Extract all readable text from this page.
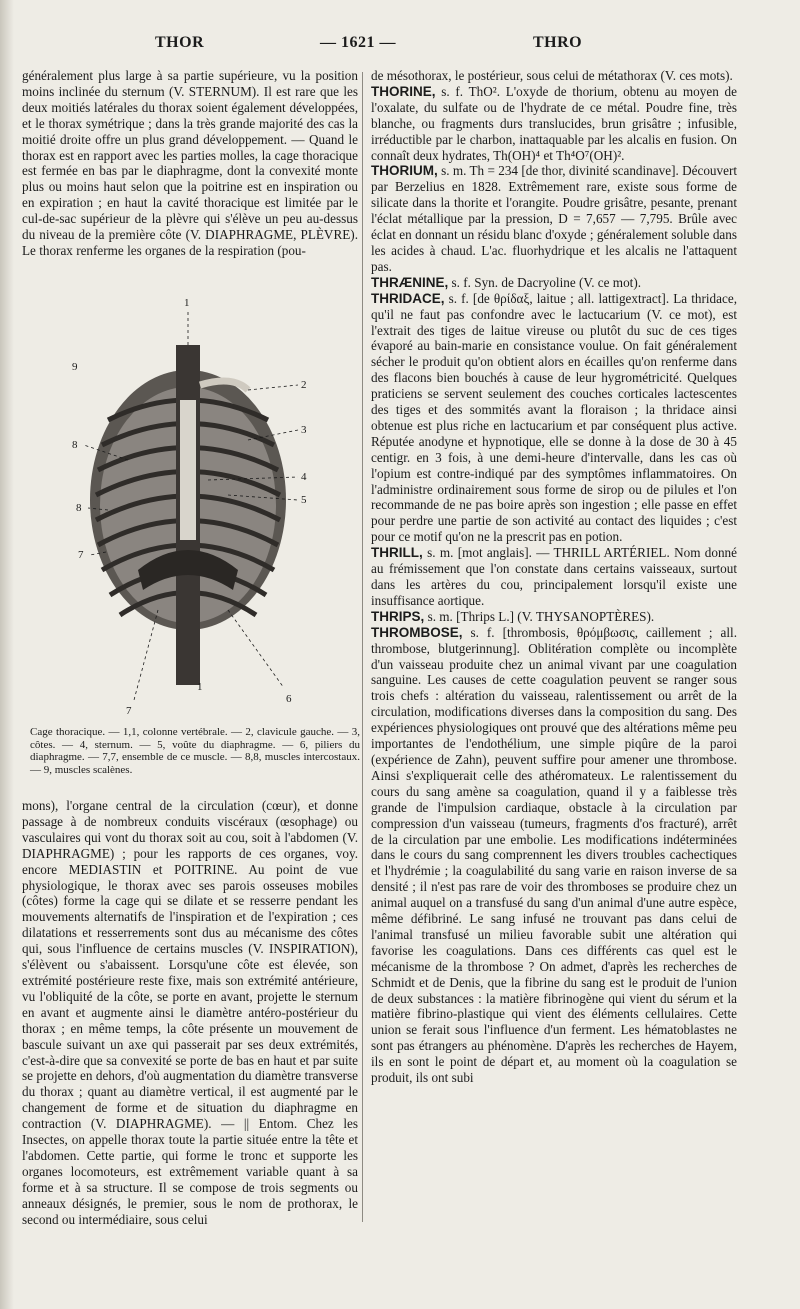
THOR	— 1621 —	THRO

généralement plus large à sa partie supérieure, vu la position moins inclinée du sternum (V. STERNUM). Il est rare que les deux moitiés latérales du thorax soient également développées, et le thorax symétrique ; dans la très grande majorité des cas la moitié droite offre un plus grand développement. — Quand le thorax est en rapport avec les parties molles, la cage thoracique est fermée en bas par le diaphragme, dont la convexité monte plus ou moins haut selon que la poitrine est en inspiration ou en expiration ; en haut la cavité thoracique est limitée par le cul-de-sac supérieur de la plèvre qui s'élève un peu au-dessus du niveau de la première côte (V. DIAPHRAGME, PLÈVRE). Le thorax renferme les organes de la respiration (pou-

1
2
3
4
5
6
7
7
8
8
9
1
Cage thoracique. — 1,1, colonne vertébrale. — 2, clavicule gauche. — 3, côtes. — 4, sternum. — 5, voûte du diaphragme. — 6, piliers du diaphragme. — 7,7, ensemble de ce muscle. — 8,8, muscles intercostaux. — 9, muscles scalènes.

mons), l'organe central de la circulation (cœur), et donne passage à de nombreux conduits viscéraux (œsophage) ou vasculaires qui vont du thorax soit au cou, soit à l'abdomen (V. DIAPHRAGME) ; pour les rapports de ces organes, voy. encore MEDIASTIN et POITRINE. Au point de vue physiologique, le thorax avec ses parois osseuses mobiles (côtes) forme la cage qui se dilate et se resserre pendant les mouvements alternatifs de l'inspiration et de l'expiration ; ces dilatations et resserrements sont dus au mécanisme des côtes qui, sous l'influence de certains muscles (V. INSPIRATION), s'élèvent ou s'abaissent. Lorsqu'une côte est élevée, son extrémité postérieure reste fixe, mais son extrémité antérieure, vu l'obliquité de la côte, se porte en avant, projette le sternum en avant et augmente ainsi le diamètre antéro-postérieur du thorax ; en même temps, la côte présente un mouvement de bascule suivant un axe qui passerait par ses deux extrémités, c'est-à-dire que sa convexité se porte de bas en haut et par suite se projette en dehors, d'où augmentation du diamètre transverse du thorax ; quant au diamètre vertical, il est augmenté par le changement de forme et de situation du diaphragme en contraction (V. DIAPHRAGME). — || Entom. Chez les Insectes, on appelle thorax toute la partie située entre la tête et l'abdomen. Cette partie, qui forme le tronc et supporte les organes locomoteurs, est extrêmement variable quant à sa forme et à sa structure. Il se compose de trois segments ou anneaux désignés, le premier, sous le nom de prothorax, le second ou intermédiaire, sous celui

de mésothorax, le postérieur, sous celui de métathorax (V. ces mots).

THORINE, s. f. ThO². L'oxyde de thorium, obtenu au moyen de l'oxalate, du sulfate ou de l'hydrate de ce métal. Poudre fine, très blanche, ou fragments durs translucides, brun grisâtre ; infusible, irréductible par le charbon, inattaquable par les alcalis en fusion. On connaît deux hydrates, Th(OH)⁴ et Th⁴O⁷(OH)².

THORIUM, s. m. Th = 234 [de thor, divinité scandinave]. Découvert par Berzelius en 1828. Extrêmement rare, existe sous forme de silicate dans la thorite et l'orangite. Poudre grisâtre, pesante, prenant l'éclat métallique par la pression, D = 7,657 — 7,795. Brûle avec éclat en donnant un résidu blanc d'oxyde ; généralement soluble dans les acides à chaud. L'ac. fluorhydrique et les alcalis ne l'attaquent pas.

THRÆNINE, s. f. Syn. de Dacryoline (V. ce mot).

THRIDACE, s. f. [de θρίδαξ, laitue ; all. lattigextract]. La thridace, qu'il ne faut pas confondre avec le lactucarium (V. ce mot), est l'extrait des tiges de laitue vireuse ou plutôt du suc de ces tiges évaporé au bain-marie en consistance voulue. On fait généralement sécher le produit qu'on obtient alors en écailles qu'on renferme dans des flacons bien bouchés à cause de leur hygrométricité. Quelques praticiens se servent seulement des couches corticales lactescentes des tiges et des sommités avant la floraison ; la thridace ainsi obtenue est plus riche en lactucarium et par conséquent plus active. Réputée anodyne et hypnotique, elle se donne à la dose de 30 à 45 centigr. en 3 fois, à une demi-heure d'intervalle, dans les cas où l'opium est contre-indiqué par des symptômes inflammatoires. On l'administre ordinairement sous forme de sirop ou de pilules et l'on recommande de ne pas boire après son ingestion ; elle passe en effet pour perdre une partie de son activité au contact des liquides ; c'est pour ce motif qu'on ne la prescrit pas en potion.

THRILL, s. m. [mot anglais]. — THRILL ARTÉRIEL. Nom donné au frémissement que l'on constate dans certains vaisseaux, surtout dans les artères du cou, principalement lorsqu'il existe une insuffisance aortique.

THRIPS, s. m. [Thrips L.] (V. THYSANOPTÈRES).

THROMBOSE, s. f. [thrombosis, θρόμβωσις, caillement ; all. thrombose, blutgerinnung]. Oblitération complète ou incomplète d'un vaisseau produite chez un animal vivant par une coagulation sanguine. Les causes de cette coagulation peuvent se ranger sous trois chefs : altération du vaisseau, ralentissement ou arrêt de la circulation, modifications diverses dans la composition du sang. Des expériences physiologiques ont prouvé que des altérations même peu importantes de l'endothélium, une simple piqûre de la paroi (expérience de Zahn), peuvent suffire pour amener une thrombose. Ainsi s'expliquerait celle des athéromateux. Le ralentissement du cours du sang amène sa coagulation, quand il y a faiblesse très grande de l'impulsion cardiaque, obstacle à la circulation par compression d'un vaisseau (tumeurs, fragments d'os fracturé), arrêt de la circulation par une embolie. Les modifications indéterminées dans le cours du sang comprennent les divers troubles cachectiques et l'hydrémie ; la coagulabilité du sang varie en raison inverse de sa densité ; il n'est pas rare de voir des thromboses se produire chez un animal auquel on a transfusé du sang d'un animal d'une autre espèce, même défibriné. Le sang infusé ne trouvant pas dans celui de l'animal transfusé un milieu favorable subit une altération qui favorise les coagulations. Dans ces différents cas quel est le mécanisme de la thrombose ? On admet, d'après les recherches de Schmidt et de Denis, que la fibrine du sang est le produit de l'union de deux substances : la matière fibrinogène qui vient du sérum et la matière fibrino-plastique qui vient des éléments cellulaires. Cette union se ferait sous l'influence d'un ferment. Les hématoblastes ne sont pas étrangers au phénomène. D'après les recherches de Hayem, ils en sont le point de départ et, au moment où la coagulation se produit, ils ont subi
